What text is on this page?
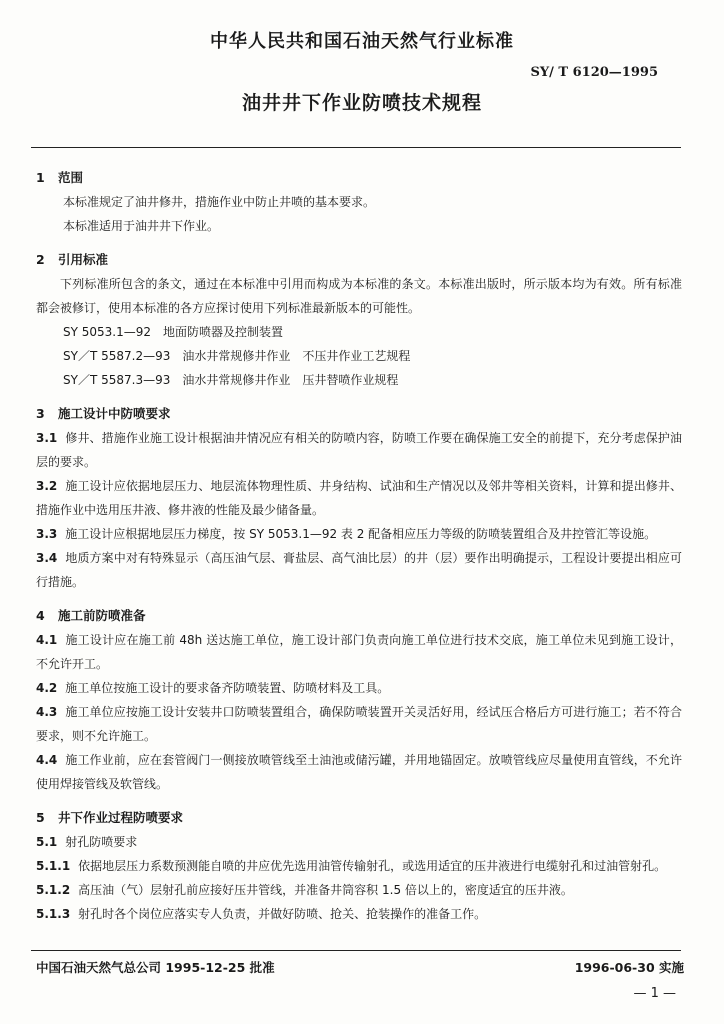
中华人民共和国石油天然气行业标准
SY/ T 6120—1995
油井井下作业防喷技术规程
1 范围
本标准规定了油井修井，措施作业中防止井喷的基本要求。
本标准适用于油井井下作业。
2 引用标准
下列标准所包含的条文，通过在本标准中引用而构成为本标准的条文。本标准出版时，所示版本均为有效。所有标准都会被修订，使用本标准的各方应探讨使用下列标准最新版本的可能性。
SY 5053.1—92　地面防喷器及控制装置
SY／T 5587.2—93　油水井常规修井作业　不压井作业工艺规程
SY／T 5587.3—93　油水井常规修井作业　压井替喷作业规程
3 施工设计中防喷要求
3.1 修井、措施作业施工设计根据油井情况应有相关的防喷内容，防喷工作要在确保施工安全的前提下，充分考虑保护油层的要求。
3.2 施工设计应依据地层压力、地层流体物理性质、井身结构、试油和生产情况以及邻井等相关资料，计算和提出修井、措施作业中选用压井液、修井液的性能及最少储备量。
3.3 施工设计应根据地层压力梯度，按 SY 5053.1—92 表 2 配备相应压力等级的防喷装置组合及井控管汇等设施。
3.4 地质方案中对有特殊显示（高压油气层、膏盐层、高气油比层）的井（层）要作出明确提示，工程设计要提出相应可行措施。
4 施工前防喷准备
4.1 施工设计应在施工前 48h 送达施工单位，施工设计部门负责向施工单位进行技术交底，施工单位未见到施工设计，不允许开工。
4.2 施工单位按施工设计的要求备齐防喷装置、防喷材料及工具。
4.3 施工单位应按施工设计安装井口防喷装置组合，确保防喷装置开关灵活好用，经试压合格后方可进行施工；若不符合要求，则不允许施工。
4.4 施工作业前，应在套管阀门一侧接放喷管线至土油池或储污罐，并用地锚固定。放喷管线应尽量使用直管线，不允许使用焊接管线及软管线。
5 井下作业过程防喷要求
5.1 射孔防喷要求
5.1.1 依据地层压力系数预测能自喷的井应优先选用油管传输射孔，或选用适宜的压井液进行电缆射孔和过油管射孔。
5.1.2 高压油（气）层射孔前应接好压井管线，并准备井筒容积 1.5 倍以上的，密度适宜的压井液。
5.1.3 射孔时各个岗位应落实专人负责，并做好防喷、抢关、抢装操作的准备工作。
中国石油天然气总公司 1995-12-25 批准	1996-06-30 实施
— 1 —
